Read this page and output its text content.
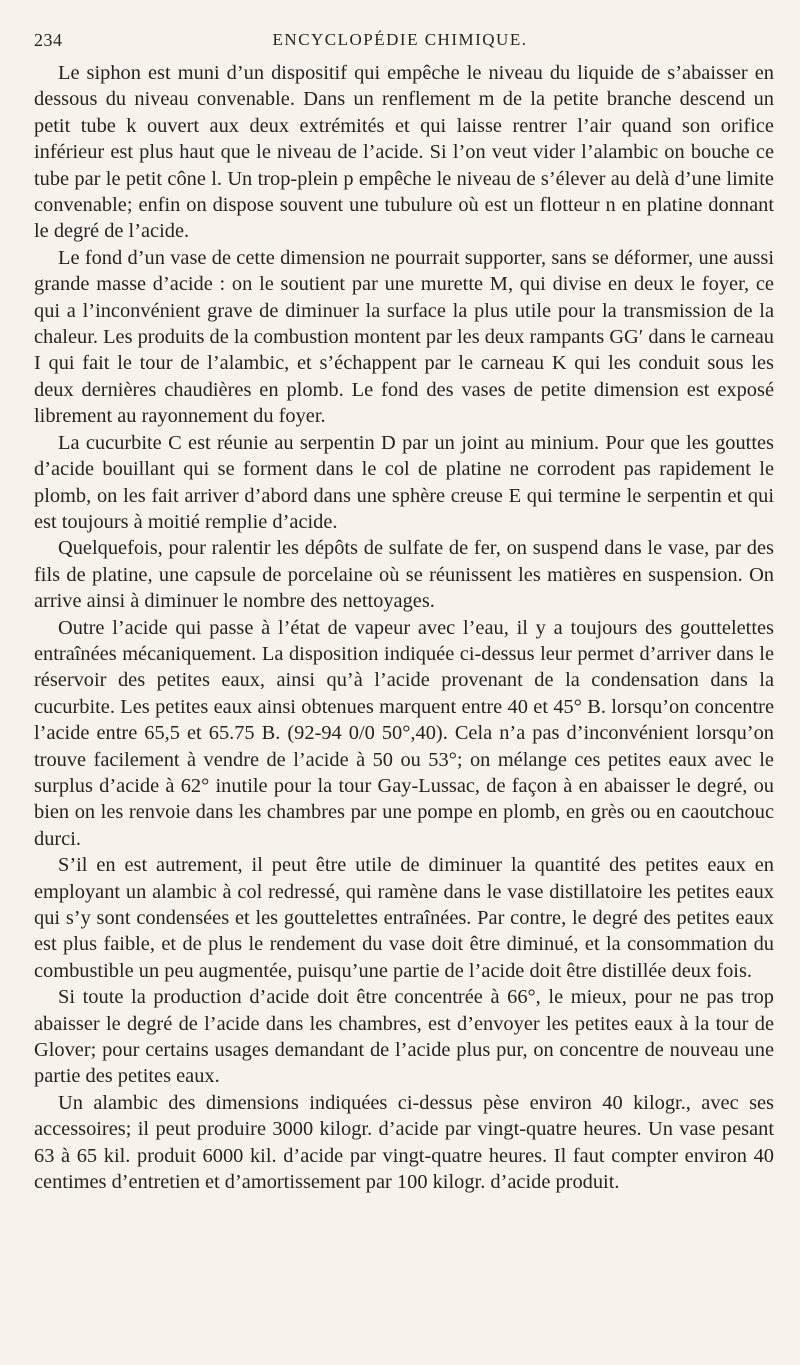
234	ENCYCLOPÉDIE CHIMIQUE.

Le siphon est muni d’un dispositif qui empêche le niveau du liquide de s’abaisser en dessous du niveau convenable. Dans un renflement m de la petite branche descend un petit tube k ouvert aux deux extrémités et qui laisse rentrer l’air quand son orifice inférieur est plus haut que le niveau de l’acide. Si l’on veut vider l’alambic on bouche ce tube par le petit cône l. Un trop-plein p empêche le niveau de s’élever au delà d’une limite convenable; enfin on dispose souvent une tubulure où est un flotteur n en platine donnant le degré de l’acide.

Le fond d’un vase de cette dimension ne pourrait supporter, sans se déformer, une aussi grande masse d’acide : on le soutient par une murette M, qui divise en deux le foyer, ce qui a l’inconvénient grave de diminuer la surface la plus utile pour la transmission de la chaleur. Les produits de la combustion montent par les deux rampants GG′ dans le carneau I qui fait le tour de l’alambic, et s’échappent par le carneau K qui les conduit sous les deux dernières chaudières en plomb. Le fond des vases de petite dimension est exposé librement au rayonnement du foyer.

La cucurbite C est réunie au serpentin D par un joint au minium. Pour que les gouttes d’acide bouillant qui se forment dans le col de platine ne corrodent pas rapidement le plomb, on les fait arriver d’abord dans une sphère creuse E qui termine le serpentin et qui est toujours à moitié remplie d’acide.

Quelquefois, pour ralentir les dépôts de sulfate de fer, on suspend dans le vase, par des fils de platine, une capsule de porcelaine où se réunissent les matières en suspension. On arrive ainsi à diminuer le nombre des nettoyages.

Outre l’acide qui passe à l’état de vapeur avec l’eau, il y a toujours des gouttelettes entraînées mécaniquement. La disposition indiquée ci-dessus leur permet d’arriver dans le réservoir des petites eaux, ainsi qu’à l’acide provenant de la condensation dans la cucurbite. Les petites eaux ainsi obtenues marquent entre 40 et 45° B. lorsqu’on concentre l’acide entre 65,5 et 65.75 B. (92-94 0/0 50°,40). Cela n’a pas d’inconvénient lorsqu’on trouve facilement à vendre de l’acide à 50 ou 53°; on mélange ces petites eaux avec le surplus d’acide à 62° inutile pour la tour Gay-Lussac, de façon à en abaisser le degré, ou bien on les renvoie dans les chambres par une pompe en plomb, en grès ou en caoutchouc durci.

S’il en est autrement, il peut être utile de diminuer la quantité des petites eaux en employant un alambic à col redressé, qui ramène dans le vase distillatoire les petites eaux qui s’y sont condensées et les gouttelettes entraînées. Par contre, le degré des petites eaux est plus faible, et de plus le rendement du vase doit être diminué, et la consommation du combustible un peu augmentée, puisqu’une partie de l’acide doit être distillée deux fois.

Si toute la production d’acide doit être concentrée à 66°, le mieux, pour ne pas trop abaisser le degré de l’acide dans les chambres, est d’envoyer les petites eaux à la tour de Glover; pour certains usages demandant de l’acide plus pur, on concentre de nouveau une partie des petites eaux.

Un alambic des dimensions indiquées ci-dessus pèse environ 40 kilogr., avec ses accessoires; il peut produire 3000 kilogr. d’acide par vingt-quatre heures. Un vase pesant 63 à 65 kil. produit 6000 kil. d’acide par vingt-quatre heures. Il faut compter environ 40 centimes d’entretien et d’amortissement par 100 kilogr. d’acide produit.
